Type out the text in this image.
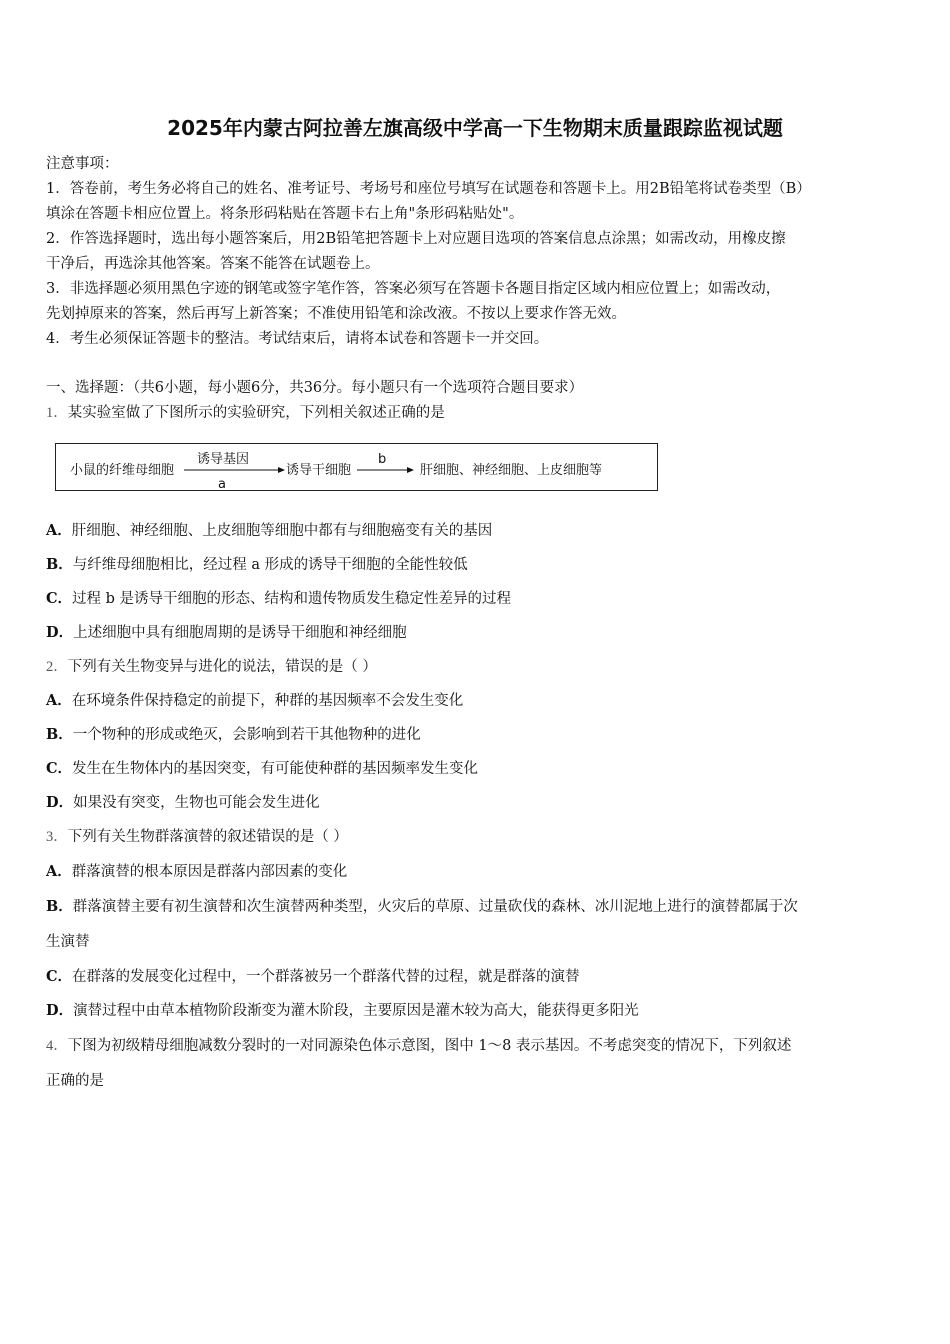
2025年内蒙古阿拉善左旗高级中学高一下生物期末质量跟踪监视试题
注意事项：
1．答卷前，考生务必将自己的姓名、准考证号、考场号和座位号填写在试题卷和答题卡上。用2B铅笔将试卷类型（B）
填涂在答题卡相应位置上。将条形码粘贴在答题卡右上角"条形码粘贴处"。
2．作答选择题时，选出每小题答案后，用2B铅笔把答题卡上对应题目选项的答案信息点涂黑；如需改动，用橡皮擦
干净后，再选涂其他答案。答案不能答在试题卷上。
3．非选择题必须用黑色字迹的钢笔或签字笔作答，答案必须写在答题卡各题目指定区域内相应位置上；如需改动，
先划掉原来的答案，然后再写上新答案；不准使用铅笔和涂改液。不按以上要求作答无效。
4．考生必须保证答题卡的整洁。考试结束后，请将本试卷和答题卡一并交回。
一、选择题：（共6小题，每小题6分，共36分。每小题只有一个选项符合题目要求）
1．某实验室做了下图所示的实验研究，下列相关叙述正确的是
小鼠的纤维母细胞
诱导基因
a
诱导干细胞
b
肝细胞、神经细胞、上皮细胞等
A．肝细胞、神经细胞、上皮细胞等细胞中都有与细胞癌变有关的基因
B．与纤维母细胞相比，经过程 a 形成的诱导干细胞的全能性较低
C．过程 b 是诱导干细胞的形态、结构和遗传物质发生稳定性差异的过程
D．上述细胞中具有细胞周期的是诱导干细胞和神经细胞
2．下列有关生物变异与进化的说法，错误的是（ ）
A．在环境条件保持稳定的前提下，种群的基因频率不会发生变化
B．一个物种的形成或绝灭，会影响到若干其他物种的进化
C．发生在生物体内的基因突变，有可能使种群的基因频率发生变化
D．如果没有突变，生物也可能会发生进化
3．下列有关生物群落演替的叙述错误的是（ ）
A．群落演替的根本原因是群落内部因素的变化
B．群落演替主要有初生演替和次生演替两种类型，火灾后的草原、过量砍伐的森林、冰川泥地上进行的演替都属于次
生演替
C．在群落的发展变化过程中，一个群落被另一个群落代替的过程，就是群落的演替
D．演替过程中由草本植物阶段渐变为灌木阶段，主要原因是灌木较为高大，能获得更多阳光
4．下图为初级精母细胞减数分裂时的一对同源染色体示意图，图中 1～8 表示基因。不考虑突变的情况下，下列叙述
正确的是
